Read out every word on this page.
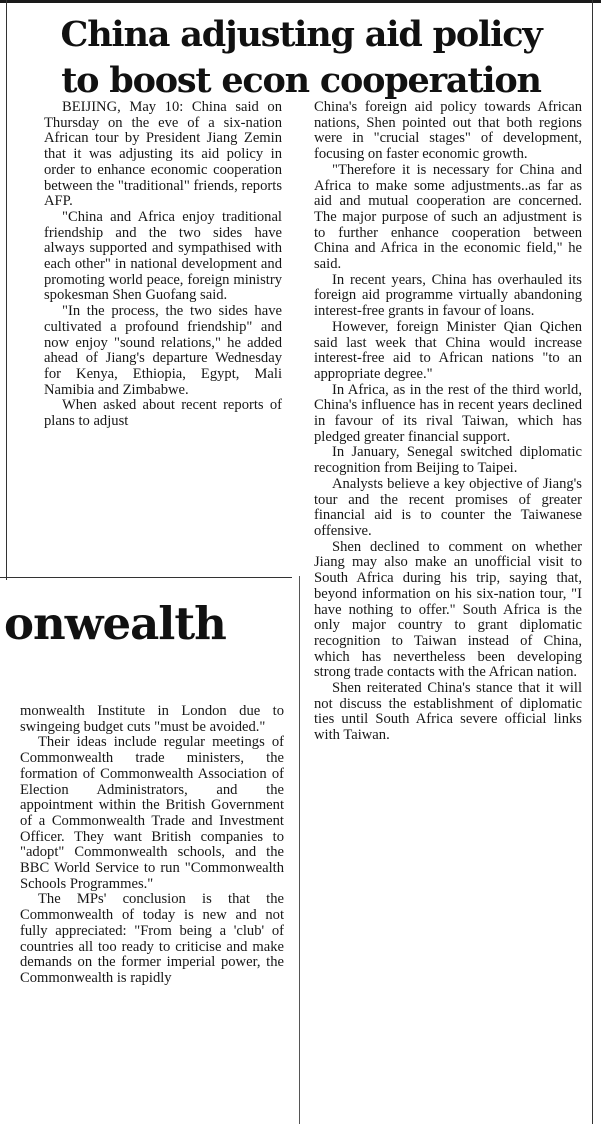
China adjusting aid policy
to boost econ cooperation

BEIJING, May 10: China said on Thursday on the eve of a six-nation African tour by President Jiang Zemin that it was adjusting its aid policy in order to enhance economic cooperation between the "traditional" friends, reports AFP.

"China and Africa enjoy traditional friendship and the two sides have always supported and sympathised with each other" in national development and promoting world peace, foreign ministry spokesman Shen Guofang said.

"In the process, the two sides have cultivated a profound friendship" and now enjoy "sound relations," he added ahead of Jiang's departure Wednesday for Kenya, Ethiopia, Egypt, Mali Namibia and Zimbabwe.

When asked about recent reports of plans to adjust

China's foreign aid policy towards African nations, Shen pointed out that both regions were in "crucial stages" of development, focusing on faster economic growth.

"Therefore it is necessary for China and Africa to make some adjustments..as far as aid and mutual cooperation are concerned. The major purpose of such an adjustment is to further enhance cooperation between China and Africa in the economic field," he said.

In recent years, China has overhauled its foreign aid programme virtually abandoning interest-free grants in favour of loans.

However, foreign Minister Qian Qichen said last week that China would increase interest-free aid to African nations "to an appropriate degree."

In Africa, as in the rest of the third world, China's influence has in recent years declined in favour of its rival Taiwan, which has pledged greater financial support.

In January, Senegal switched diplomatic recognition from Beijing to Taipei.

Analysts believe a key objective of Jiang's tour and the recent promises of greater financial aid is to counter the Taiwanese offensive.

Shen declined to comment on whether Jiang may also make an unofficial visit to South Africa during his trip, saying that, beyond information on his six-nation tour, "I have nothing to offer." South Africa is the only major country to grant diplomatic recognition to Taiwan instead of China, which has nevertheless been developing strong trade contacts with the African nation.

Shen reiterated China's stance that it will not discuss the establishment of diplomatic ties until South Africa severe official links with Taiwan.

onwealth

monwealth Institute in London due to swingeing budget cuts "must be avoided."

Their ideas include regular meetings of Commonwealth trade ministers, the formation of Commonwealth Association of Election Administrators, and the appointment within the British Government of a Commonwealth Trade and Investment Officer. They want British companies to "adopt" Commonwealth schools, and the BBC World Service to run "Commonwealth Schools Programmes."

The MPs' conclusion is that the Commonwealth of today is new and not fully appreciated: "From being a 'club' of countries all too ready to criticise and make demands on the former imperial power, the Commonwealth is rapidly
